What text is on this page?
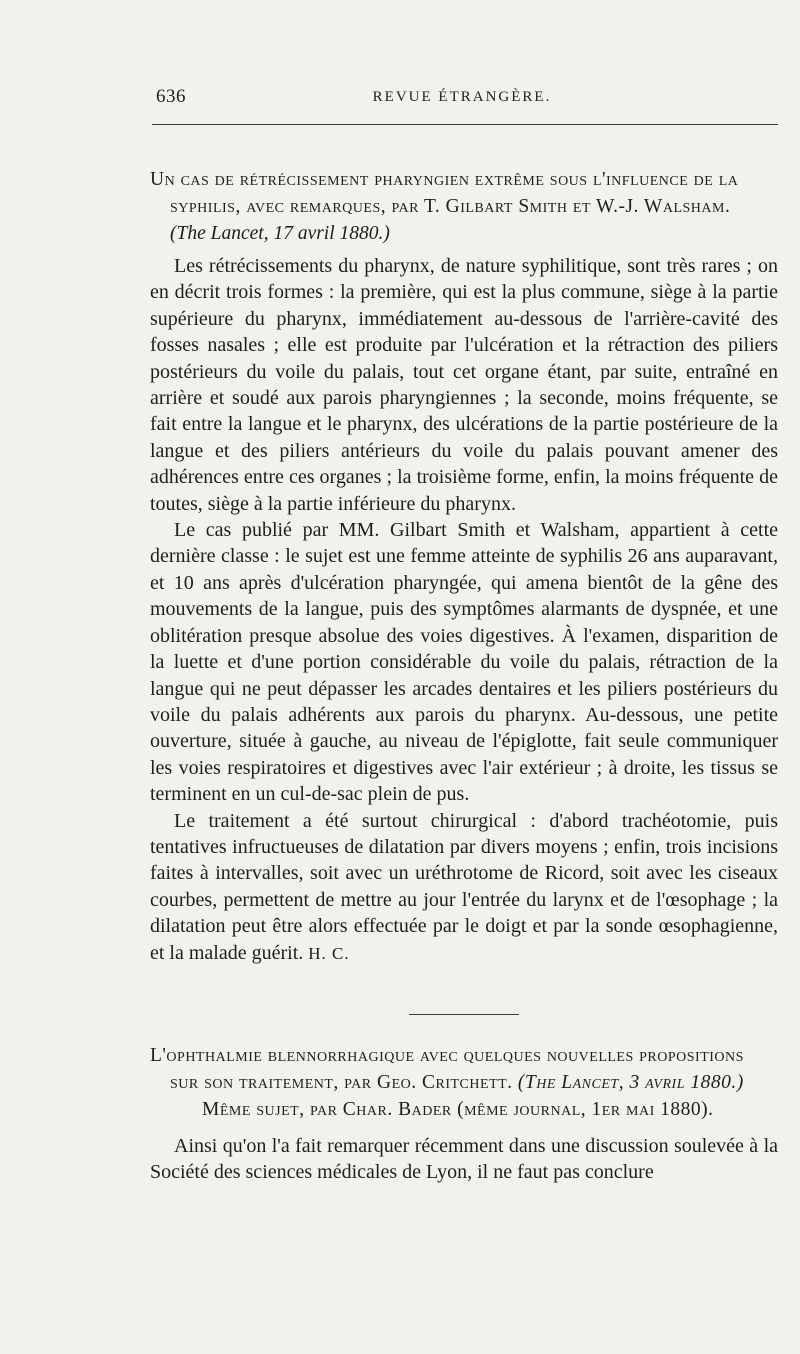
636	REVUE ÉTRANGÈRE.
Un cas de rétrécissement pharyngien extrême sous l'influence de la
syphilis, avec remarques, par T. Gilbart Smith et W.-J. Walsham.
(The Lancet, 17 avril 1880.)

Les rétrécissements du pharynx, de nature syphilitique, sont très rares ; on en décrit trois formes : la première, qui est la plus commune, siège à la partie supérieure du pharynx, immédiatement au-dessous de l'arrière-cavité des fosses nasales ; elle est produite par l'ulcération et la rétraction des piliers postérieurs du voile du palais, tout cet organe étant, par suite, entraîné en arrière et soudé aux parois pharyngiennes ; la seconde, moins fréquente, se fait entre la langue et le pharynx, des ulcérations de la partie postérieure de la langue et des piliers antérieurs du voile du palais pouvant amener des adhérences entre ces organes ; la troisième forme, enfin, la moins fréquente de toutes, siège à la partie inférieure du pharynx.

Le cas publié par MM. Gilbart Smith et Walsham, appartient à cette dernière classe : le sujet est une femme atteinte de syphilis 26 ans auparavant, et 10 ans après d'ulcération pharyngée, qui amena bientôt de la gêne des mouvements de la langue, puis des symptômes alarmants de dyspnée, et une oblitération presque absolue des voies digestives. À l'examen, disparition de la luette et d'une portion considérable du voile du palais, rétraction de la langue qui ne peut dépasser les arcades dentaires et les piliers postérieurs du voile du palais adhérents aux parois du pharynx. Au-dessous, une petite ouverture, située à gauche, au niveau de l'épiglotte, fait seule communiquer les voies respiratoires et digestives avec l'air extérieur ; à droite, les tissus se terminent en un cul-de-sac plein de pus.

Le traitement a été surtout chirurgical : d'abord trachéotomie, puis tentatives infructueuses de dilatation par divers moyens ; enfin, trois incisions faites à intervalles, soit avec un uréthrotome de Ricord, soit avec les ciseaux courbes, permettent de mettre au jour l'entrée du larynx et de l'œsophage ; la dilatation peut être alors effectuée par le doigt et par la sonde œsophagienne, et la malade guérit. H. C.

L'ophthalmie blennorrhagique avec quelques nouvelles propositions
sur son traitement, par Geo. Critchett. (The Lancet, 3 avril 1880.)
Même sujet, par Char. Bader (même journal, 1er mai 1880).

Ainsi qu'on l'a fait remarquer récemment dans une discussion soulevée à la Société des sciences médicales de Lyon, il ne faut pas conclure
